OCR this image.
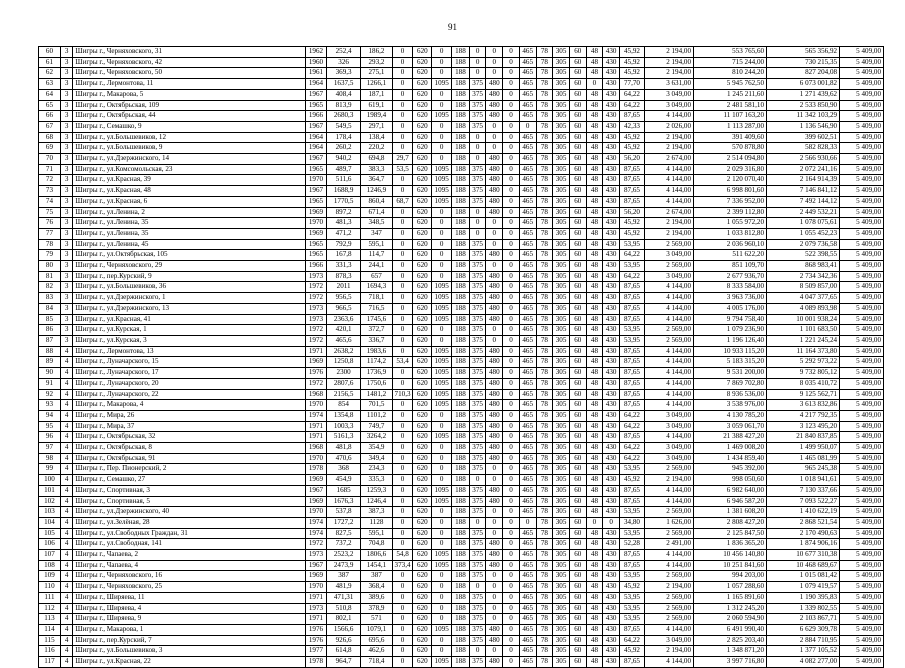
91
60	3	Шигры г., Черняховского, 31	1962	252,4	186,2	0	620	0	188	0	0	0	465	78	305	60	48	430	45,92	2 194,00	553 765,60	565 356,92	5 409,00
61	3	Шигры г., Черняховского, 42	1960	326	293,2	0	620	0	188	0	0	0	465	78	305	60	48	430	45,92	2 194,00	715 244,00	730 215,35	5 409,00
62	3	Шигры г., Черняховского, 50	1961	369,3	275,1	0	620	0	188	0	0	0	465	78	305	60	48	430	45,92	2 194,00	810 244,20	827 204,08	5 409,00
63	3	Шигры г., Лермонтова, 11	1964	1637,5	1266,1	0	620	1095	188	375	480	0	465	78	305	60	0	430	77,70	3 631,00	5 945 762,50	6 073 001,82	5 409,00
64	3	Шигры г., Макарова, 5	1967	408,4	187,1	0	620	0	188	375	480	0	465	78	305	60	48	430	64,22	3 049,00	1 245 211,60	1 271 439,62	5 409,00
65	3	Шигры г., Октябрьская, 109	1965	813,9	619,1	0	620	0	188	375	480	0	465	78	305	60	48	430	64,22	3 049,00	2 481 581,10	2 533 850,90	5 409,00
66	3	Шигры г., Октябрьская, 44	1966	2680,3	1989,4	0	620	1095	188	375	480	0	465	78	305	60	48	430	87,65	4 144,00	11 107 163,20	11 342 103,29	5 409,00
67	3	Шигры г., Семашко, 9	1967	549,5	297,1	0	620	0	188	375	0	0	0	78	305	60	48	430	42,33	2 026,00	1 113 287,00	1 136 546,90	5 409,00
68	3	Шигры г., ул.Большевиков, 12	1964	178,4	138,4	0	620	0	188	0	0	0	465	78	305	60	48	430	45,92	2 194,00	391 409,60	399 602,51	5 409,00
69	3	Шигры г., ул.Большевиков, 9	1964	260,2	220,2	0	620	0	188	0	0	0	465	78	305	60	48	430	45,92	2 194,00	570 878,80	582 828,33	5 409,00
70	3	Шигры г., ул.Дзержинского, 14	1967	940,2	694,8	29,7	620	0	188	0	480	0	465	78	305	60	48	430	56,20	2 674,00	2 514 094,80	2 566 930,66	5 409,00
71	3	Шигры г., ул.Комсомольская, 23	1965	489,7	383,3	53,5	620	1095	188	375	480	0	465	78	305	60	48	430	87,65	4 144,00	2 029 316,80	2 072 241,16	5 409,00
72	3	Шигры г., ул.Красная, 39	1970	511,6	364,7	0	620	1095	188	375	480	0	465	78	305	60	48	430	87,65	4 144,00	2 120 070,40	2 164 914,39	5 409,00
73	3	Шигры г., ул.Красная, 48	1967	1688,9	1246,9	0	620	1095	188	375	480	0	465	78	305	60	48	430	87,65	4 144,00	6 998 801,60	7 146 841,12	5 409,00
74	3	Шигры г., ул.Красная, 6	1965	1770,5	860,4	68,7	620	1095	188	375	480	0	465	78	305	60	48	430	87,65	4 144,00	7 336 952,00	7 492 144,12	5 409,00
75	3	Шигры г., ул.Ленина, 2	1969	897,2	671,4	0	620	0	188	0	480	0	465	78	305	60	48	430	56,20	2 674,00	2 399 112,80	2 449 532,21	5 409,00
76	3	Шигры г., ул.Ленина, 35	1970	481,3	348,5	0	620	0	188	0	0	0	465	78	305	60	48	430	45,92	2 194,00	1 055 972,20	1 078 075,61	5 409,00
77	3	Шигры г., ул.Ленина, 35	1969	471,2	347	0	620	0	188	0	0	0	465	78	305	60	48	430	45,92	2 194,00	1 033 812,80	1 055 452,23	5 409,00
78	3	Шигры г., ул.Ленина, 45	1965	792,9	595,1	0	620	0	188	375	0	0	465	78	305	60	48	430	53,95	2 569,00	2 036 960,10	2 079 736,58	5 409,00
79	3	Шигры г., ул.Октябрьская, 105	1965	167,8	114,7	0	620	0	188	375	480	0	465	78	305	60	48	430	64,22	3 049,00	511 622,20	522 398,55	5 409,00
80	3	Шигры г., Черняховского, 29	1966	331,3	244,1	0	620	0	188	375	0	0	465	78	305	60	48	430	53,95	2 569,00	851 109,70	868 983,41	5 409,00
81	3	Шигры г., пер.Курский, 9	1973	878,3	657	0	620	0	188	375	480	0	465	78	305	60	48	430	64,22	3 049,00	2 677 936,70	2 734 342,36	5 409,00
82	3	Шигры г., ул.Большевиков, 36	1972	2011	1694,3	0	620	1095	188	375	480	0	465	78	305	60	48	430	87,65	4 144,00	8 333 584,00	8 509 857,00	5 409,00
83	3	Шигры г., ул.Дзержинского, 1	1972	956,5	718,1	0	620	1095	188	375	480	0	465	78	305	60	48	430	87,65	4 144,00	3 963 736,00	4 047 377,65	5 409,00
84	3	Шигры г., ул.Дзержинского, 13	1973	966,5	716,5	0	620	1095	188	375	480	0	465	78	305	60	48	430	87,65	4 144,00	4 005 176,00	4 089 893,98	5 409,00
85	3	Шигры г., ул.Красная, 41	1973	2363,6	1745,6	0	620	1095	188	375	480	0	465	78	305	60	48	430	87,65	4 144,00	9 794 758,40	10 001 938,24	5 409,00
86	3	Шигры г., ул.Курская, 1	1972	420,1	372,7	0	620	0	188	375	0	0	465	78	305	60	48	430	53,95	2 569,00	1 079 236,90	1 101 683,50	5 409,00
87	3	Шигры г., ул.Курская, 3	1972	465,6	336,7	0	620	0	188	375	0	0	465	78	305	60	48	430	53,95	2 569,00	1 196 126,40	1 221 245,24	5 409,00
88	4	Шигры г., Лермонтова, 13	1971	2638,2	1983,6	0	620	1095	188	375	480	0	465	78	305	60	48	430	87,65	4 144,00	10 933 115,20	11 164 373,80	5 409,00
89	4	Шигры г., Луначарского, 15	1969	1250,8	1174,2	53,4	620	1095	188	375	480	0	465	78	305	60	48	430	87,65	4 144,00	5 183 315,20	5 292 973,22	5 409,00
90	4	Шигры г., Луначарского, 17	1976	2300	1736,9	0	620	1095	188	375	480	0	465	78	305	60	48	430	87,65	4 144,00	9 531 200,00	9 732 805,12	5 409,00
91	4	Шигры г., Луначарского, 20	1972	2807,6	1750,6	0	620	1095	188	375	480	0	465	78	305	60	48	430	87,65	4 144,00	7 869 702,80	8 035 410,72	5 409,00
92	4	Шигры г., Луначарского, 22	1968	2156,5	1481,2	710,3	620	1095	188	375	480	0	465	78	305	60	48	430	87,65	4 144,00	8 936 536,00	9 125 562,71	5 409,00
93	4	Шигры г., Макарова, 4	1970	854	701,5	0	620	1095	188	375	480	0	465	78	305	60	48	430	87,65	4 144,00	3 538 976,00	3 613 832,86	5 409,00
94	4	Шигры г., Мира, 26	1974	1354,8	1101,2	0	620	0	188	375	480	0	465	78	305	60	48	430	64,22	3 049,00	4 130 785,20	4 217 792,35	5 409,00
95	4	Шигры г., Мира, 37	1971	1003,3	749,7	0	620	0	188	375	480	0	465	78	305	60	48	430	64,22	3 049,00	3 059 061,70	3 123 495,20	5 409,00
96	4	Шигры г., Октябрьская, 32	1971	5161,3	3264,2	0	620	1095	188	375	480	0	465	78	305	60	48	430	87,65	4 144,00	21 388 427,20	21 840 837,85	5 409,00
97	4	Шигры г., Октябрьская, 8	1968	481,8	354,9	0	620	0	188	375	480	0	465	78	305	60	48	430	64,22	3 049,00	1 469 008,20	1 499 950,07	5 409,00
98	4	Шигры г., Октябрьская, 91	1970	470,6	349,4	0	620	0	188	375	480	0	465	78	305	60	48	430	64,22	3 049,00	1 434 859,40	1 465 081,99	5 409,00
99	4	Шигры г., Пер. Пионерский, 2	1978	368	234,3	0	620	0	188	375	0	0	465	78	305	60	48	430	53,95	2 569,00	945 392,00	965 245,38	5 409,00
100	4	Шигры г., Семашко, 27	1969	454,9	335,3	0	620	0	188	0	0	0	465	78	305	60	48	430	45,92	2 194,00	998 050,60	1 018 941,61	5 409,00
101	4	Шигры г., Спортивная, 3	1967	1685	1259,3	0	620	1095	188	375	480	0	465	78	305	60	48	430	87,65	4 144,00	6 982 640,00	7 130 337,66	5 409,00
102	4	Шигры г., Спортивная, 5	1969	1676,3	1246,4	0	620	1095	188	375	480	0	465	78	305	60	48	430	87,65	4 144,00	6 946 587,20	7 093 522,27	5 409,00
103	4	Шигры г., ул.Дзержинского, 40	1970	537,8	387,3	0	620	0	188	375	0	0	465	78	305	60	48	430	53,95	2 569,00	1 381 608,20	1 410 622,19	5 409,00
104	4	Шигры г., ул.Зелёная, 28	1974	1727,2	1128	0	620	0	188	0	0	0	0	78	305	60	0	0	34,80	1 626,00	2 808 427,20	2 868 521,54	5 409,00
105	4	Шигры г., ул.Свободных Граждан, 31	1974	827,5	595,1	0	620	0	188	375	0	0	465	78	305	60	48	430	53,95	2 569,00	2 125 847,50	2 170 490,63	5 409,00
106	4	Шигры г., ул.Свободная, 141	1972	737,2	704,8	0	620	0	188	375	480	0	465	78	305	60	48	430	52,28	2 491,00	1 836 365,20	1 874 906,16	5 409,00
107	4	Шигры г., Чапаева, 2	1973	2523,2	1806,6	54,8	620	1095	188	375	480	0	465	78	305	60	48	430	87,65	4 144,00	10 456 140,80	10 677 310,38	5 409,00
108	4	Шигры г., Чапаева, 4	1967	2473,9	1454,1	373,4	620	1095	188	375	480	0	465	78	305	60	48	430	87,65	4 144,00	10 251 841,60	10 468 689,67	5 409,00
109	4	Шигры г., Черняховского, 16	1969	387	387	0	620	0	188	375	0	0	465	78	305	60	48	430	53,95	2 569,00	994 203,00	1 015 081,42	5 409,00
110	4	Шигры г., Черняховского, 25	1970	481,9	368,4	0	620	0	188	0	0	0	465	78	305	60	48	430	45,92	2 194,00	1 057 288,60	1 079 419,57	5 409,00
111	4	Шигры г., Ширяева, 11	1971	471,31	389,6	0	620	0	188	375	0	0	465	78	305	60	48	430	53,95	2 569,00	1 165 891,60	1 190 395,83	5 409,00
112	4	Шигры г., Ширяева, 4	1973	510,8	378,9	0	620	0	188	375	0	0	465	78	305	60	48	430	53,95	2 569,00	1 312 245,20	1 339 802,55	5 409,00
113	4	Шигры г., Ширяева, 9	1971	802,1	571	0	620	0	188	375	0	0	465	78	305	60	48	430	53,95	2 569,00	2 060 594,90	2 103 867,71	5 409,00
114	4	Шигры г., Макарова, 1	1976	1566,6	1079,1	0	620	1095	188	375	480	0	465	78	305	60	48	430	87,65	4 144,00	6 491 990,40	6 629 309,78	5 409,00
115	4	Шигры г., пер.Курский, 7	1976	926,6	695,6	0	620	0	188	375	480	0	465	78	305	60	48	430	64,22	3 049,00	2 825 203,40	2 884 710,95	5 409,00
116	4	Шигры г., ул.Большевиков, 3	1977	614,8	462,6	0	620	0	188	0	0	0	465	78	305	60	48	430	45,92	2 194,00	1 348 871,20	1 377 105,52	5 409,00
117	4	Шигры г., ул.Красная, 22	1978	964,7	718,4	0	620	1095	188	375	480	0	465	78	305	60	48	430	87,65	4 144,00	3 997 716,80	4 082 277,00	5 409,00
